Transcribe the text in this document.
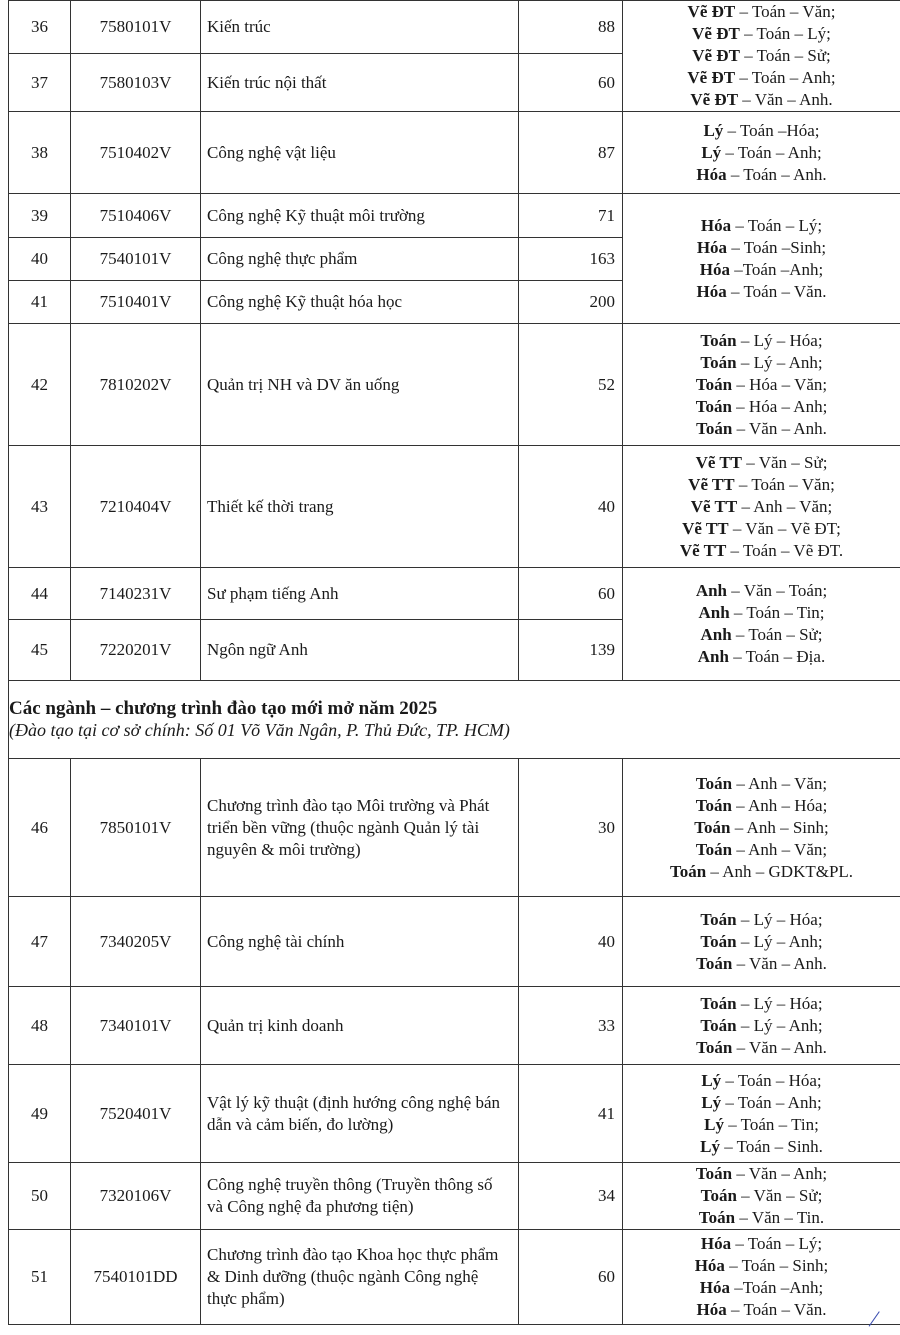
36	7580101V	Kiến trúc	88	Vẽ ĐT – Toán – Văn;
Vẽ ĐT – Toán – Lý;
Vẽ ĐT – Toán – Sử;
Vẽ ĐT – Toán – Anh;
Vẽ ĐT – Văn – Anh.

37	7580103V	Kiến trúc nội thất	60	
38	7510402V	Công nghệ vật liệu	87	Lý – Toán –Hóa;
Lý – Toán – Anh;
Hóa – Toán – Anh.

39	7510406V	Công nghệ Kỹ thuật môi trường	71	Hóa – Toán – Lý;
Hóa – Toán –Sinh;
Hóa –Toán –Anh;
Hóa – Toán – Văn.

40	7540101V	Công nghệ thực phẩm	163	
41	7510401V	Công nghệ Kỹ thuật hóa học	200	
42	7810202V	Quản trị NH và DV ăn uống	52	Toán – Lý – Hóa;
Toán – Lý – Anh;
Toán – Hóa – Văn;
Toán – Hóa – Anh;
Toán – Văn – Anh.

43	7210404V	Thiết kế thời trang	40	Vẽ TT – Văn – Sử;
Vẽ TT – Toán – Văn;
Vẽ TT – Anh – Văn;
Vẽ TT – Văn – Vẽ ĐT;
Vẽ TT – Toán – Vẽ ĐT.

44	7140231V	Sư phạm tiếng Anh	60	Anh – Văn – Toán;
Anh – Toán – Tin;
Anh – Toán – Sử;
Anh – Toán – Địa.

45	7220201V	Ngôn ngữ Anh	139	

Các ngành – chương trình đào tạo mới mở năm 2025
(Đào tạo tại cơ sở chính: Số 01 Võ Văn Ngân, P. Thủ Đức, TP. HCM)				

46	7850101V	Chương trình đào tạo Môi trường và Phát triển bền vững (thuộc ngành Quản lý tài nguyên & môi trường)	30	Toán – Anh – Văn;
Toán – Anh – Hóa;
Toán – Anh – Sinh;
Toán – Anh – Văn;
Toán – Anh – GDKT&PL.

47	7340205V	Công nghệ tài chính	40	Toán – Lý – Hóa;
Toán – Lý – Anh;
Toán – Văn – Anh.

48	7340101V	Quản trị kinh doanh	33	Toán – Lý – Hóa;
Toán – Lý – Anh;
Toán – Văn – Anh.

49	7520401V	Vật lý kỹ thuật (định hướng công nghệ bán dẫn và cảm biến, đo lường)	41	Lý – Toán – Hóa;
Lý – Toán – Anh;
Lý – Toán – Tin;
Lý – Toán – Sinh.

50	7320106V	Công nghệ truyền thông (Truyền thông số và Công nghệ đa phương tiện)	34	Toán – Văn – Anh;
Toán – Văn – Sử;
Toán – Văn – Tin.

51	7540101DD	Chương trình đào tạo Khoa học thực phẩm & Dinh dưỡng (thuộc ngành Công nghệ thực phẩm)	60	Hóa – Toán – Lý;
Hóa – Toán – Sinh;
Hóa –Toán –Anh;
Hóa – Toán – Văn.
